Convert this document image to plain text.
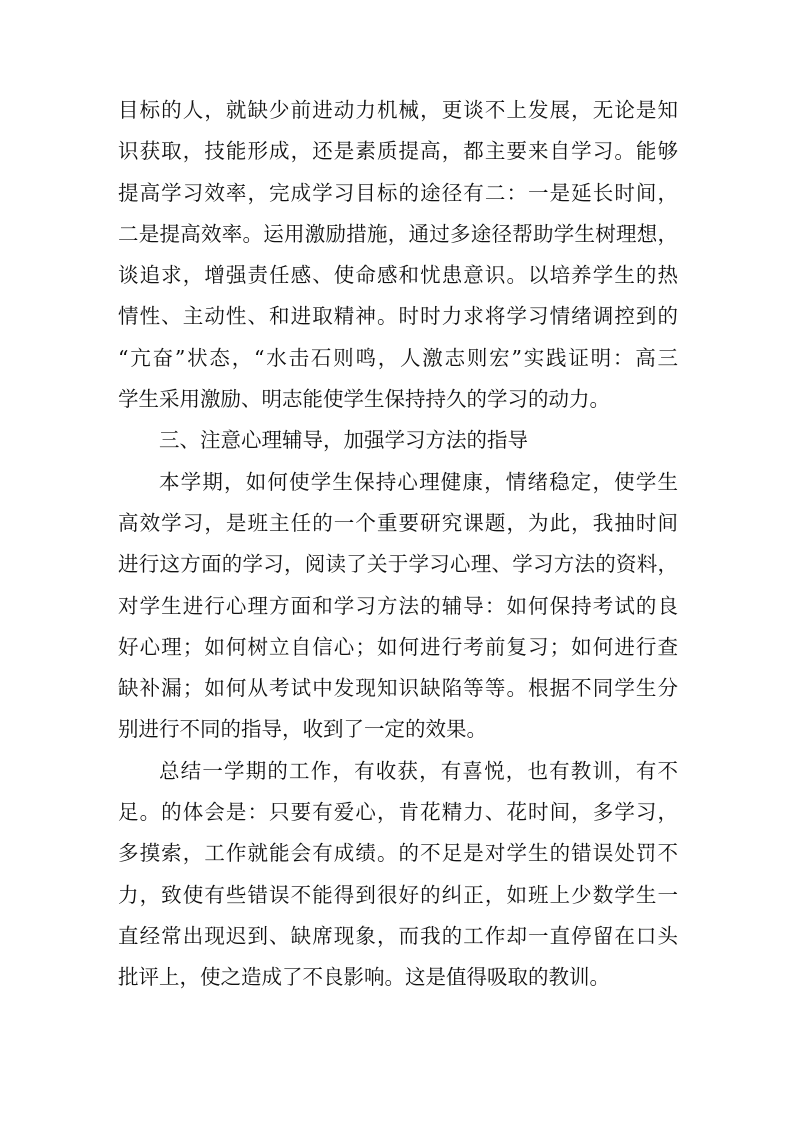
目标的人，就缺少前进动力机械，更谈不上发展，无论是知
识获取，技能形成，还是素质提高，都主要来自学习。能够
提高学习效率，完成学习目标的途径有二：一是延长时间，
二是提高效率。运用激励措施，通过多途径帮助学生树理想，
谈追求，增强责任感、使命感和忧患意识。以培养学生的热
情性、主动性、和进取精神。时时力求将学习情绪调控到的
“亢奋”状态，“水击石则鸣，人激志则宏”实践证明：高三
学生采用激励、明志能使学生保持持久的学习的动力。
三、注意心理辅导，加强学习方法的指导
本学期，如何使学生保持心理健康，情绪稳定，使学生
高效学习，是班主任的一个重要研究课题，为此，我抽时间
进行这方面的学习，阅读了关于学习心理、学习方法的资料，
对学生进行心理方面和学习方法的辅导：如何保持考试的良
好心理；如何树立自信心；如何进行考前复习；如何进行查
缺补漏；如何从考试中发现知识缺陷等等。根据不同学生分
别进行不同的指导，收到了一定的效果。
总结一学期的工作，有收获，有喜悦，也有教训，有不
足。的体会是：只要有爱心，肯花精力、花时间，多学习，
多摸索，工作就能会有成绩。的不足是对学生的错误处罚不
力，致使有些错误不能得到很好的纠正，如班上少数学生一
直经常出现迟到、缺席现象，而我的工作却一直停留在口头
批评上，使之造成了不良影响。这是值得吸取的教训。
